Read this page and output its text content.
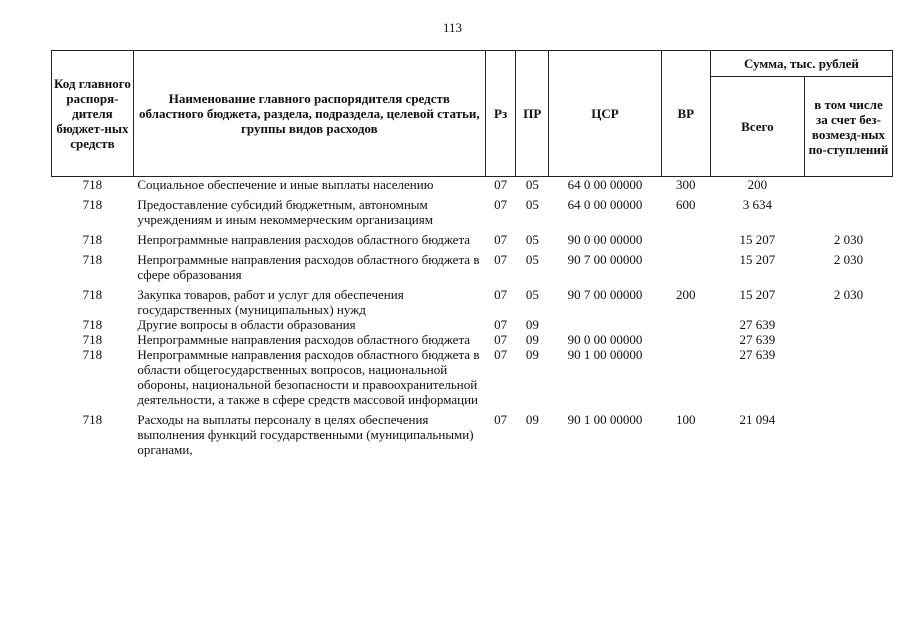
113
Код главного распоря-дителя бюджет-ных средств	Наименование главного распорядителя средств областного бюджета, раздела, подраздела, целевой статьи, группы видов расходов	Рз	ПР	ЦСР	ВР	Сумма, тыс. рублей	
						Всего	в том числе за счет без-возмезд-ных по-ступлений
718	Социальное обеспечение и иные выплаты населению	07	05	64 0 00 00000	300	200	
718	Предоставление субсидий бюджетным, автономным учреждениям и иным некоммерческим организациям	07	05	64 0 00 00000	600	3 634	
718	Непрограммные направления расходов областного бюджета	07	05	90 0 00 00000		15 207	2 030
718	Непрограммные направления расходов областного бюджета в сфере образования	07	05	90 7 00 00000		15 207	2 030
718	Закупка товаров, работ и услуг для обеспечения государственных (муниципальных) нужд	07	05	90 7 00 00000	200	15 207	2 030
718	Другие вопросы в области образования	07	09			27 639	
718	Непрограммные направления расходов областного бюджета	07	09	90 0 00 00000		27 639	
718	Непрограммные направления расходов областного бюджета в области общегосударственных вопросов, национальной обороны, национальной безопасности и правоохранительной деятельности, а также в сфере средств массовой информации	07	09	90 1 00 00000		27 639	
718	Расходы на выплаты персоналу в целях обеспечения выполнения функций государственными (муниципальными) органами,	07	09	90 1 00 00000	100	21 094	
